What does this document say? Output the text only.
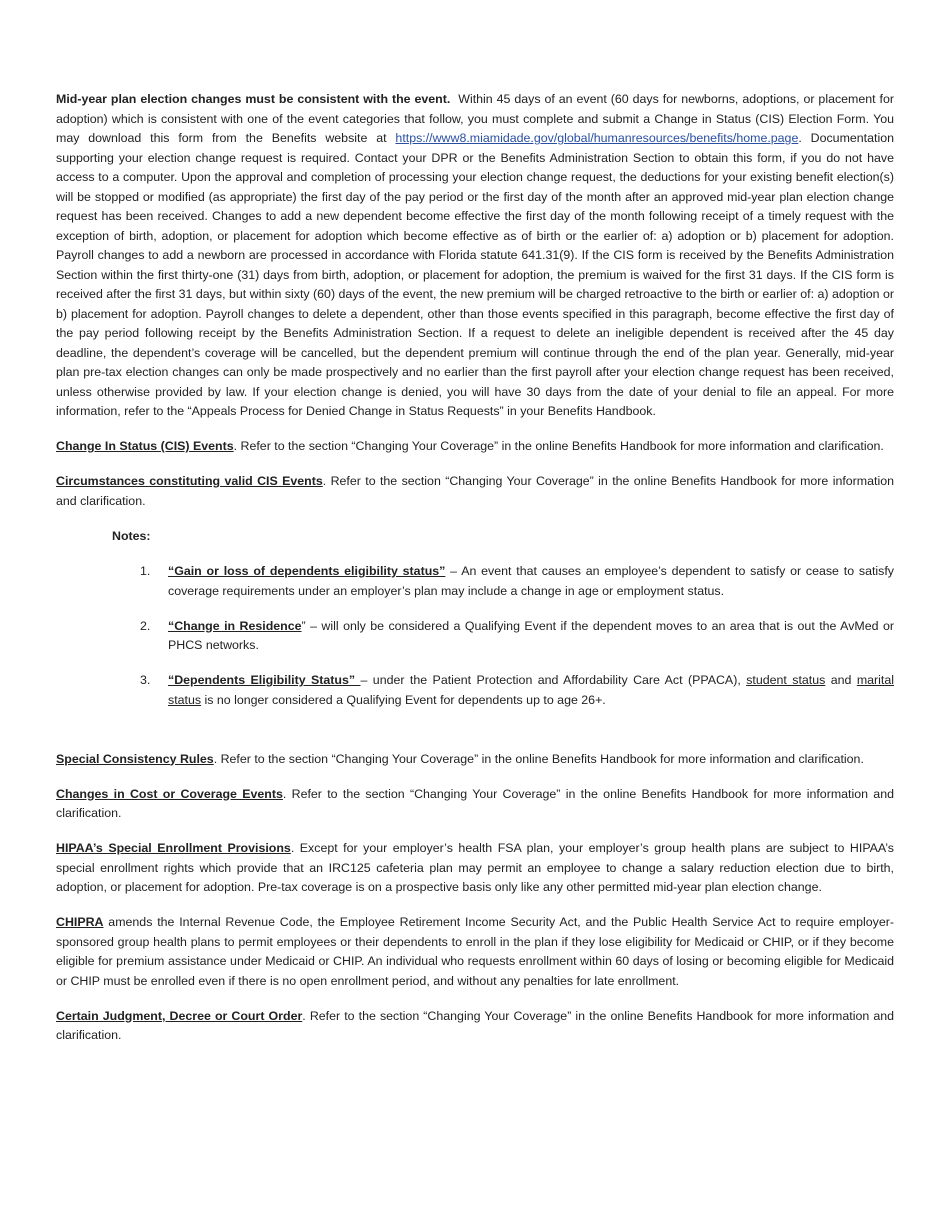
Mid-year plan election changes must be consistent with the event. Within 45 days of an event (60 days for newborns, adoptions, or placement for adoption) which is consistent with one of the event categories that follow, you must complete and submit a Change in Status (CIS) Election Form. You may download this form from the Benefits website at https://www8.miamidade.gov/global/humanresources/benefits/home.page. Documentation supporting your election change request is required. Contact your DPR or the Benefits Administration Section to obtain this form, if you do not have access to a computer. Upon the approval and completion of processing your election change request, the deductions for your existing benefit election(s) will be stopped or modified (as appropriate) the first day of the pay period or the first day of the month after an approved mid-year plan election change request has been received. Changes to add a new dependent become effective the first day of the month following receipt of a timely request with the exception of birth, adoption, or placement for adoption which become effective as of birth or the earlier of: a) adoption or b) placement for adoption. Payroll changes to add a newborn are processed in accordance with Florida statute 641.31(9). If the CIS form is received by the Benefits Administration Section within the first thirty-one (31) days from birth, adoption, or placement for adoption, the premium is waived for the first 31 days. If the CIS form is received after the first 31 days, but within sixty (60) days of the event, the new premium will be charged retroactive to the birth or earlier of: a) adoption or b) placement for adoption. Payroll changes to delete a dependent, other than those events specified in this paragraph, become effective the first day of the pay period following receipt by the Benefits Administration Section. If a request to delete an ineligible dependent is received after the 45 day deadline, the dependent’s coverage will be cancelled, but the dependent premium will continue through the end of the plan year. Generally, mid-year plan pre-tax election changes can only be made prospectively and no earlier than the first payroll after your election change request has been received, unless otherwise provided by law. If your election change is denied, you will have 30 days from the date of your denial to file an appeal. For more information, refer to the “Appeals Process for Denied Change in Status Requests” in your Benefits Handbook.

Change In Status (CIS) Events. Refer to the section “Changing Your Coverage” in the online Benefits Handbook for more information and clarification.

Circumstances constituting valid CIS Events. Refer to the section “Changing Your Coverage” in the online Benefits Handbook for more information and clarification.

Notes:
1. “Gain or loss of dependents eligibility status” – An event that causes an employee’s dependent to satisfy or cease to satisfy coverage requirements under an employer’s plan may include a change in age or employment status.

2. “Change in Residence” – will only be considered a Qualifying Event if the dependent moves to an area that is out the AvMed or PHCS networks.

3. “Dependents Eligibility Status” – under the Patient Protection and Affordability Care Act (PPACA), student status and marital status is no longer considered a Qualifying Event for dependents up to age 26+.

Special Consistency Rules. Refer to the section “Changing Your Coverage” in the online Benefits Handbook for more information and clarification.

Changes in Cost or Coverage Events. Refer to the section “Changing Your Coverage” in the online Benefits Handbook for more information and clarification.

HIPAA’s Special Enrollment Provisions. Except for your employer’s health FSA plan, your employer’s group health plans are subject to HIPAA’s special enrollment rights which provide that an IRC125 cafeteria plan may permit an employee to change a salary reduction election due to birth, adoption, or placement for adoption. Pre-tax coverage is on a prospective basis only like any other permitted mid-year plan election change.

CHIPRA amends the Internal Revenue Code, the Employee Retirement Income Security Act, and the Public Health Service Act to require employer-sponsored group health plans to permit employees or their dependents to enroll in the plan if they lose eligibility for Medicaid or CHIP, or if they become eligible for premium assistance under Medicaid or CHIP. An individual who requests enrollment within 60 days of losing or becoming eligible for Medicaid or CHIP must be enrolled even if there is no open enrollment period, and without any penalties for late enrollment.

Certain Judgment, Decree or Court Order. Refer to the section “Changing Your Coverage” in the online Benefits Handbook for more information and clarification.
